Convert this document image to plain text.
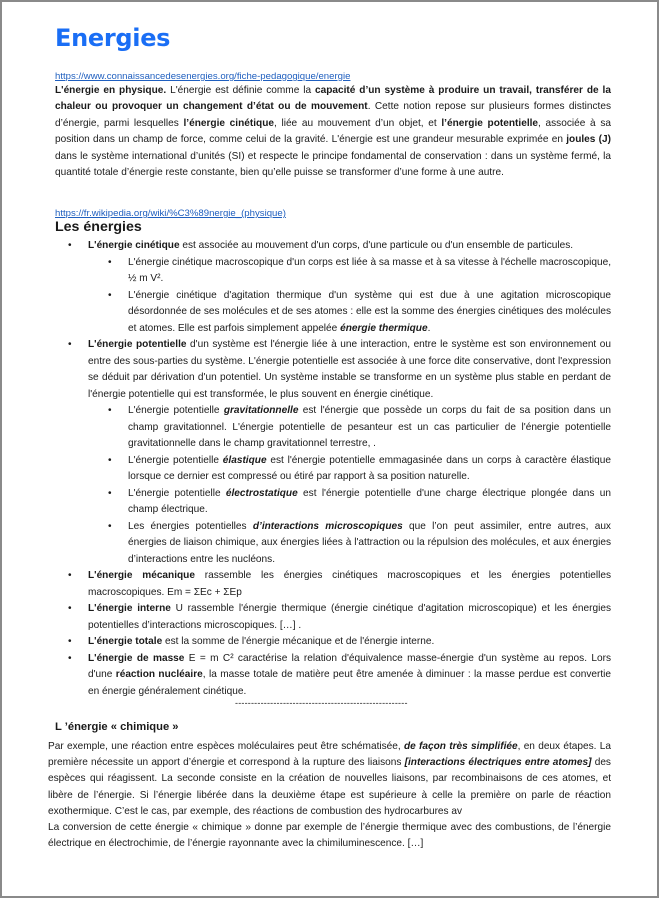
Energies
https://www.connaissancedesenergies.org/fiche-pedagogique/energie

L'énergie en physique. L'énergie est définie comme la capacité d’un système à produire un travail, transférer de la chaleur ou provoquer un changement d’état ou de mouvement. Cette notion repose sur plusieurs formes distinctes d’énergie, parmi lesquelles l’énergie cinétique, liée au mouvement d’un objet, et l’énergie potentielle, associée à sa position dans un champ de force, comme celui de la gravité. L'énergie est une grandeur mesurable exprimée en joules (J) dans le système international d’unités (SI) et respecte le principe fondamental de conservation : dans un système fermé, la quantité totale d’énergie reste constante, bien qu’elle puisse se transformer d’une forme à une autre.

https://fr.wikipedia.org/wiki/%C3%89nergie_(physique)
Les énergies
• L'énergie cinétique est associée au mouvement d'un corps, d'une particule ou d'un ensemble de particules.
• L'énergie cinétique macroscopique d'un corps est liée à sa masse et à sa vitesse à l'échelle macroscopique, ½ m V².
• L'énergie cinétique d'agitation thermique d'un système qui est due à une agitation microscopique désordonnée de ses molécules et de ses atomes : elle est la somme des énergies cinétiques des molécules et atomes. Elle est parfois simplement appelée énergie thermique.
• L'énergie potentielle d'un système est l'énergie liée à une interaction, entre le système est son environnement ou entre des sous-parties du système. L'énergie potentielle est associée à une force dite conservative, dont l'expression se déduit par dérivation d'un potentiel. Un système instable se transforme en un système plus stable en perdant de l'énergie potentielle qui est transformée, le plus souvent en énergie cinétique.
• L'énergie potentielle gravitationnelle est l'énergie que possède un corps du fait de sa position dans un champ gravitationnel. L'énergie potentielle de pesanteur est un cas particulier de l'énergie potentielle gravitationnelle dans le champ gravitationnel terrestre, .
• L'énergie potentielle élastique est l'énergie potentielle emmagasinée dans un corps à caractère élastique lorsque ce dernier est compressé ou étiré par rapport à sa position naturelle.
• L'énergie potentielle électrostatique est l'énergie potentielle d'une charge électrique plongée dans un champ électrique.
• Les énergies potentielles d’interactions microscopiques que l’on peut assimiler, entre autres, aux énergies de liaison chimique, aux énergies liées à l'attraction ou la répulsion des molécules, et aux énergies d’interactions entre les nucléons.
• L'énergie mécanique rassemble les énergies cinétiques macroscopiques et les énergies potentielles macroscopiques. Em = ΣEc + ΣEp
• L'énergie interne U rassemble l'énergie thermique (énergie cinétique d'agitation microscopique) et les énergies potentielles d’interactions microscopiques. […] .
• L'énergie totale est la somme de l'énergie mécanique et de l'énergie interne.
• L'énergie de masse E = m C² caractérise la relation d'équivalence masse-énergie d'un système au repos. Lors d'une réaction nucléaire, la masse totale de matière peut être amenée à diminuer : la masse perdue est convertie en énergie généralement cinétique.
------------------------------------------------------
L ’énergie « chimique »

Par exemple, une réaction entre espèces moléculaires peut être schématisée, de façon très simplifiée, en deux étapes. La première nécessite un apport d’énergie et correspond à la rupture des liaisons [interactions électriques entre atomes] des espèces qui réagissent. La seconde consiste en la création de nouvelles liaisons, par recombinaisons de ces atomes, et libère de l’énergie. Si l’énergie libérée dans la deuxième étape est supérieure à celle la première on parle de réaction exothermique. C’est le cas, par exemple, des réactions de combustion des hydrocarbures av
La conversion de cette énergie « chimique » donne par exemple de l’énergie thermique avec des combustions, de l’énergie électrique en électrochimie, de l’énergie rayonnante avec la chimiluminescence. […]
